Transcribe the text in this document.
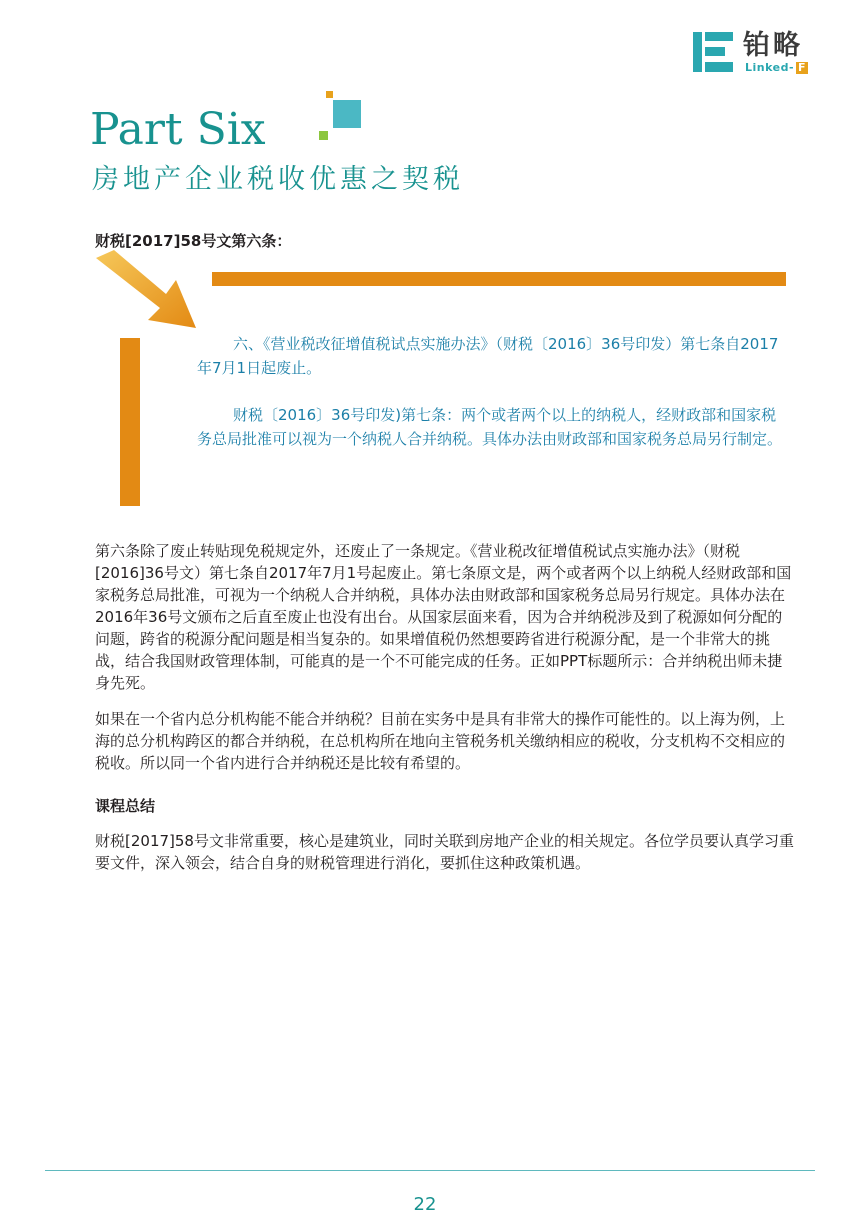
铂略
Linked- F
Part Six
房地产企业税收优惠之契税
财税[2017]58号文第六条：

六、《营业税改征增值税试点实施办法》（财税〔2016〕36号印发）第七条自2017年7月1日起废止。

财税〔2016〕36号印发)第七条：两个或者两个以上的纳税人，经财政部和国家税务总局批准可以视为一个纳税人合并纳税。具体办法由财政部和国家税务总局另行制定。

第六条除了废止转贴现免税规定外，还废止了一条规定。《营业税改征增值税试点实施办法》（财税[2016]36号文）第七条自2017年7月1号起废止。第七条原文是，两个或者两个以上纳税人经财政部和国家税务总局批准，可视为一个纳税人合并纳税，具体办法由财政部和国家税务总局另行规定。具体办法在2016年36号文颁布之后直至废止也没有出台。从国家层面来看，因为合并纳税涉及到了税源如何分配的问题，跨省的税源分配问题是相当复杂的。如果增值税仍然想要跨省进行税源分配，是一个非常大的挑战，结合我国财政管理体制，可能真的是一个不可能完成的任务。正如PPT标题所示：合并纳税出师未捷身先死。

如果在一个省内总分机构能不能合并纳税？目前在实务中是具有非常大的操作可能性的。以上海为例，上海的总分机构跨区的都合并纳税，在总机构所在地向主管税务机关缴纳相应的税收，分支机构不交相应的税收。所以同一个省内进行合并纳税还是比较有希望的。

课程总结

财税[2017]58号文非常重要，核心是建筑业，同时关联到房地产企业的相关规定。各位学员要认真学习重要文件，深入领会，结合自身的财税管理进行消化，要抓住这种政策机遇。

22
